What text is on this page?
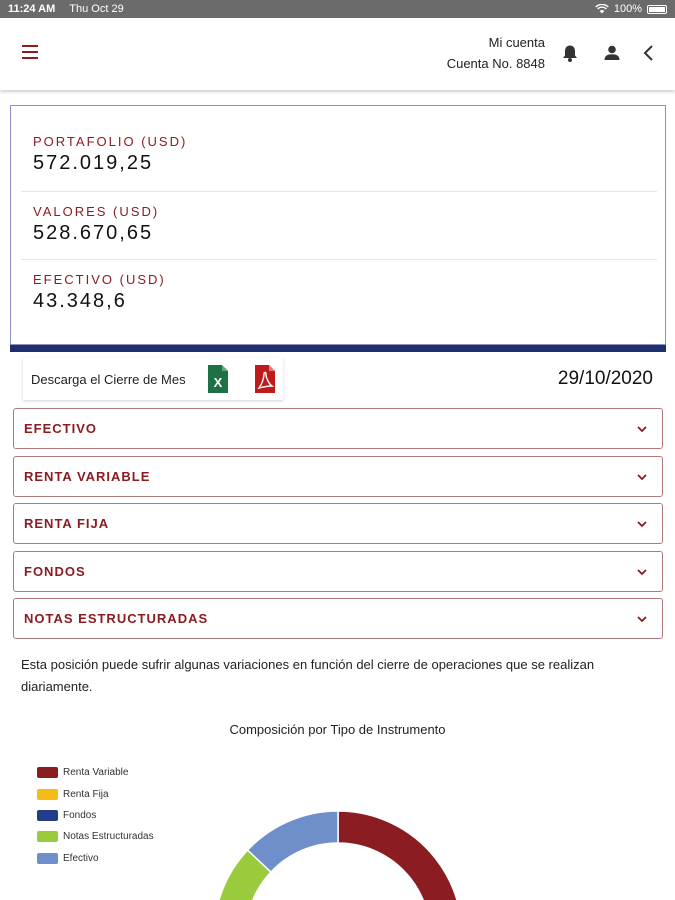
11:24 AM Thu Oct 29	100%
Mi cuenta
Cuenta No. 8848
PORTAFOLIO (USD)
572.019,25
VALORES (USD)
528.670,65
EFECTIVO (USD)
43.348,6
Descarga el Cierre de Mes X	29/10/2020
EFECTIVO
RENTA VARIABLE
RENTA FIJA
FONDOS
NOTAS ESTRUCTURADAS
Esta posición puede sufrir algunas variaciones en función del cierre de operaciones que se realizan diariamente.
Composición por Tipo de Instrumento
Renta Variable
Renta Fija
Fondos
Notas Estructuradas
Efectivo
